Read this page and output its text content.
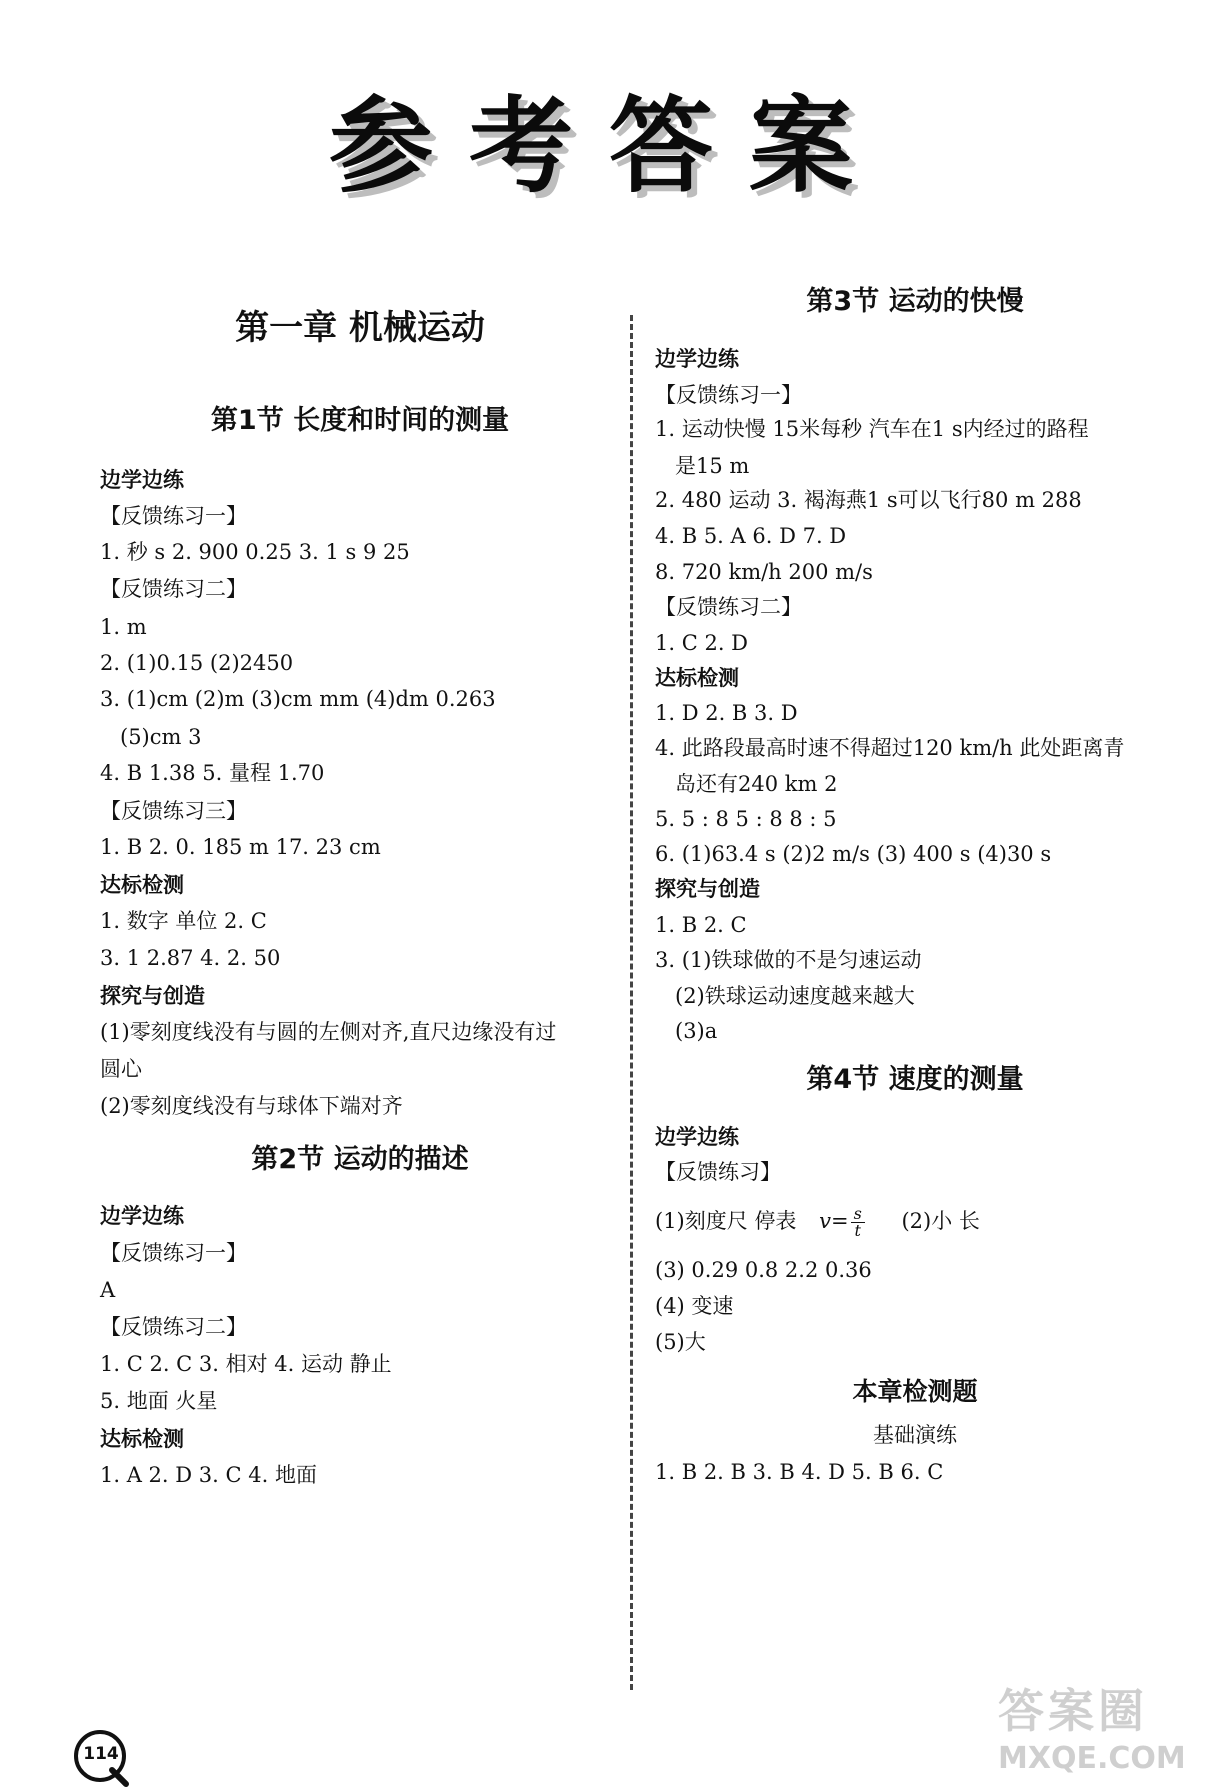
参考答案
第一章 机械运动
第1节 长度和时间的测量
边学边练
【反馈练习一】
1. 秒 s 2. 900 0.25 3. 1 s 9 25
【反馈练习二】
1. m
2. (1)0.15 (2)2450
3. (1)cm (2)m (3)cm mm (4)dm 0.263
(5)cm 3
4. B 1.38 5. 量程 1.70
【反馈练习三】
1. B 2. 0. 185 m 17. 23 cm
达标检测
1. 数字 单位 2. C
3. 1 2.87 4. 2. 50
探究与创造
(1)零刻度线没有与圆的左侧对齐,直尺边缘没有过
圆心
(2)零刻度线没有与球体下端对齐
第2节 运动的描述
边学边练
【反馈练习一】
A
【反馈练习二】
1. C 2. C 3. 相对 4. 运动 静止
5. 地面 火星
达标检测
1. A 2. D 3. C 4. 地面
第3节 运动的快慢
边学边练
【反馈练习一】
1. 运动快慢 15米每秒 汽车在1 s内经过的路程
是15 m
2. 480 运动 3. 褐海燕1 s可以飞行80 m 288
4. B 5. A 6. D 7. D
8. 720 km/h 200 m/s
【反馈练习二】
1. C 2. D
达标检测
1. D 2. B 3. D
4. 此路段最高时速不得超过120 km/h 此处距离青
岛还有240 km 2
5. 5 : 8 5 : 8 8 : 5
6. (1)63.4 s (2)2 m/s (3) 400 s (4)30 s
探究与创造
1. B 2. C
3. (1)铁球做的不是匀速运动
(2)铁球运动速度越来越大
(3)a
第4节 速度的测量
边学边练
【反馈练习】
(1)刻度尺 停表 $v= \frac{s}{t} (2)$小 长
(3) 0.29 0.8 2.2 0.36
(4) 变速
(5)大
本章检测题
基础演练
1. B 2. B 3. B 4. D 5. B 6. C
114
答案圈
MXQE.COM
